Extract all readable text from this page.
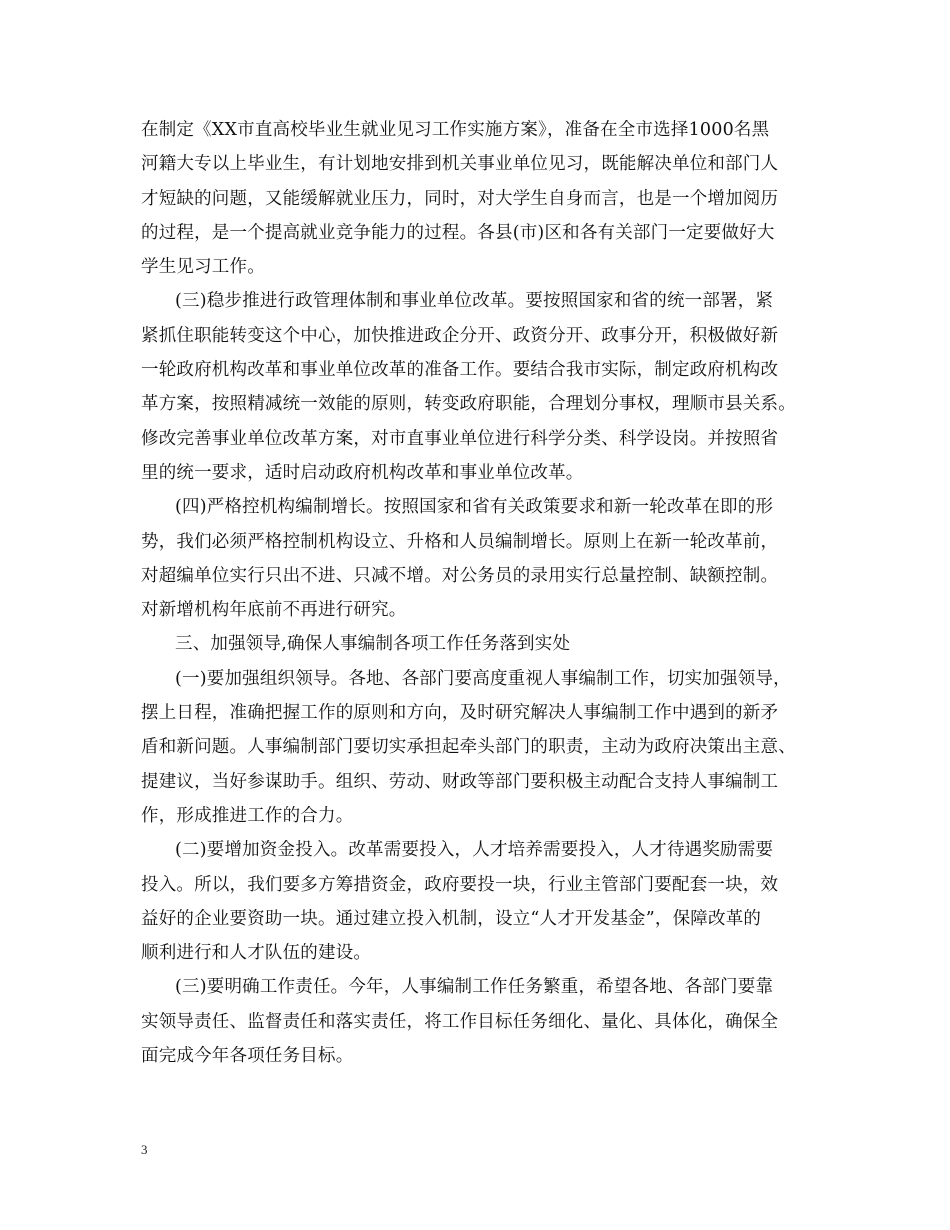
在制定《XX市直高校毕业生就业见习工作实施方案》，准备在全市选择1000名黑
河籍大专以上毕业生，有计划地安排到机关事业单位见习，既能解决单位和部门人
才短缺的问题，又能缓解就业压力，同时，对大学生自身而言，也是一个增加阅历
的过程，是一个提高就业竞争能力的过程。各县(市)区和各有关部门一定要做好大
学生见习工作。
(三)稳步推进行政管理体制和事业单位改革。要按照国家和省的统一部署，紧
紧抓住职能转变这个中心，加快推进政企分开、政资分开、政事分开，积极做好新
一轮政府机构改革和事业单位改革的准备工作。要结合我市实际，制定政府机构改
革方案，按照精减统一效能的原则，转变政府职能，合理划分事权，理顺市县关系。
修改完善事业单位改革方案，对市直事业单位进行科学分类、科学设岗。并按照省
里的统一要求，适时启动政府机构改革和事业单位改革。
(四)严格控机构编制增长。按照国家和省有关政策要求和新一轮改革在即的形
势，我们必须严格控制机构设立、升格和人员编制增长。原则上在新一轮改革前，
对超编单位实行只出不进、只减不增。对公务员的录用实行总量控制、缺额控制。
对新增机构年底前不再进行研究。
三、加强领导,确保人事编制各项工作任务落到实处
(一)要加强组织领导。各地、各部门要高度重视人事编制工作，切实加强领导，
摆上日程，准确把握工作的原则和方向，及时研究解决人事编制工作中遇到的新矛
盾和新问题。人事编制部门要切实承担起牵头部门的职责，主动为政府决策出主意、
提建议，当好参谋助手。组织、劳动、财政等部门要积极主动配合支持人事编制工
作，形成推进工作的合力。
(二)要增加资金投入。改革需要投入，人才培养需要投入，人才待遇奖励需要
投入。所以，我们要多方筹措资金，政府要投一块，行业主管部门要配套一块，效
益好的企业要资助一块。通过建立投入机制，设立“人才开发基金”，保障改革的
顺利进行和人才队伍的建设。
(三)要明确工作责任。今年，人事编制工作任务繁重，希望各地、各部门要靠
实领导责任、监督责任和落实责任，将工作目标任务细化、量化、具体化，确保全
面完成今年各项任务目标。
3
